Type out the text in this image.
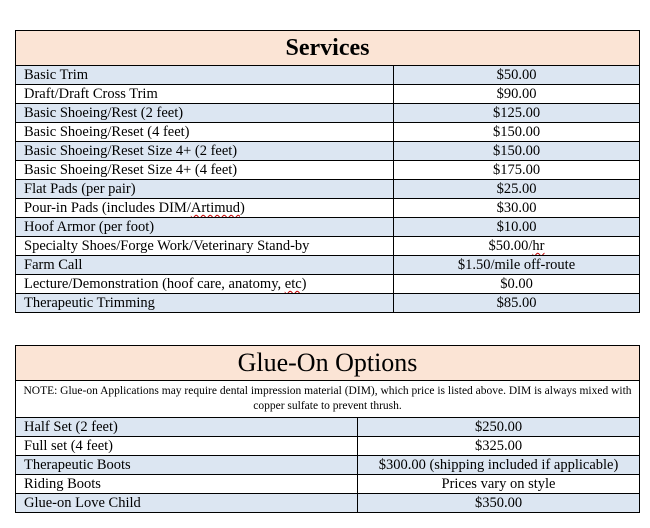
Services	
Basic Trim	$50.00
Draft/Draft Cross Trim	$90.00
Basic Shoeing/Rest (2 feet)	$125.00
Basic Shoeing/Reset (4 feet)	$150.00
Basic Shoeing/Reset Size 4+ (2 feet)	$150.00
Basic Shoeing/Reset Size 4+ (4 feet)	$175.00
Flat Pads (per pair)	$25.00
Pour-in Pads (includes DIM/Artimud)	$30.00
Hoof Armor (per foot)	$10.00
Specialty Shoes/Forge Work/Veterinary Stand-by	$50.00/hr
Farm Call	$1.50/mile off-route
Lecture/Demonstration (hoof care, anatomy, etc)	$0.00
Therapeutic Trimming	$85.00
Glue-On Options	
NOTE: Glue-on Applications may require dental impression material (DIM), which price is listed above. DIM is always mixed with copper sulfate to prevent thrush.	
Half Set (2 feet)	$250.00
Full set (4 feet)	$325.00
Therapeutic Boots	$300.00 (shipping included if applicable)
Riding Boots	Prices vary on style
Glue-on Love Child	$350.00
